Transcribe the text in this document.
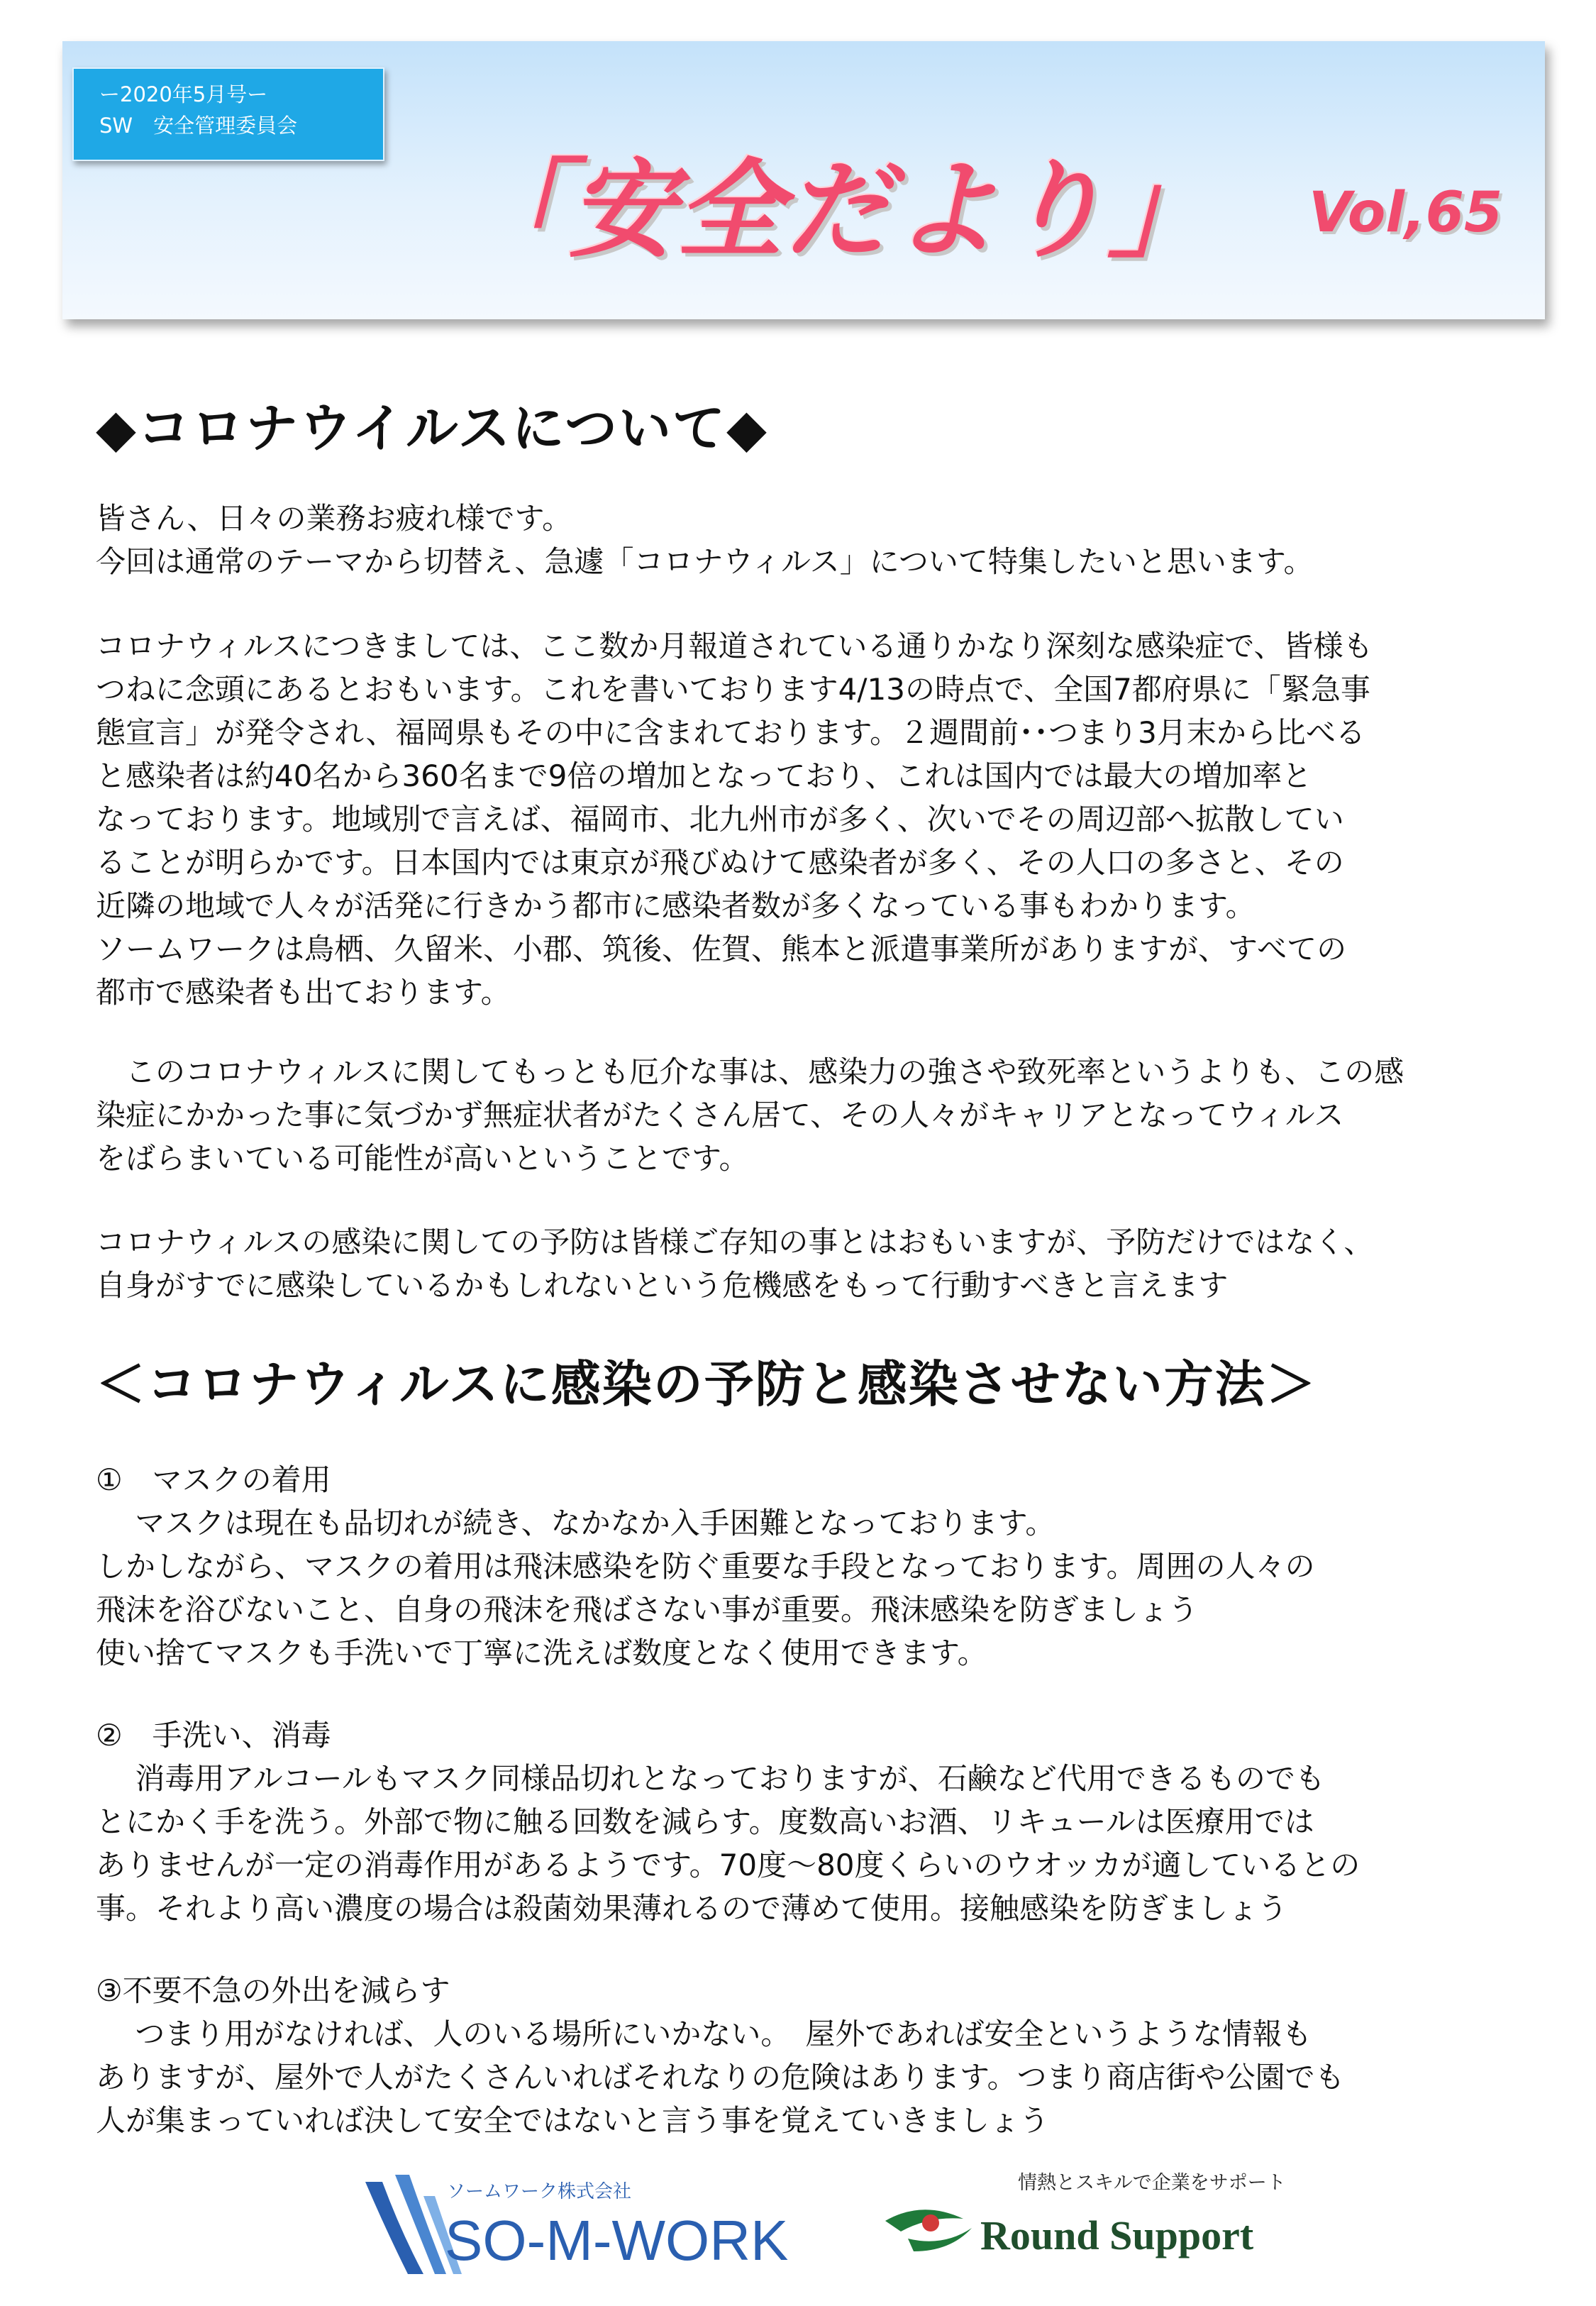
ー2020年5月号ー
SW　安全管理委員会
「安全だより」 Vol,65
◆コロナウイルスについて◆
皆さん、日々の業務お疲れ様です。
今回は通常のテーマから切替え、急遽「コロナウィルス」について特集したいと思います。
コロナウィルスにつきましては、ここ数か月報道されている通りかなり深刻な感染症で、皆様も
つねに念頭にあるとおもいます。これを書いております4/13の時点で、全国7都府県に「緊急事
態宣言」が発令され、福岡県もその中に含まれております。２週間前･･つまり3月末から比べる
と感染者は約40名から360名まで9倍の増加となっており、これは国内では最大の増加率と
なっております。地域別で言えば、福岡市、北九州市が多く、次いでその周辺部へ拡散してい
ることが明らかです。日本国内では東京が飛びぬけて感染者が多く、その人口の多さと、その
近隣の地域で人々が活発に行きかう都市に感染者数が多くなっている事もわかります。
ソームワークは鳥栖、久留米、小郡、筑後、佐賀、熊本と派遣事業所がありますが、すべての
都市で感染者も出ております。
　このコロナウィルスに関してもっとも厄介な事は、感染力の強さや致死率というよりも、この感
染症にかかった事に気づかず無症状者がたくさん居て、その人々がキャリアとなってウィルス
をばらまいている可能性が高いということです。
コロナウィルスの感染に関しての予防は皆様ご存知の事とはおもいますが、予防だけではなく、
自身がすでに感染しているかもしれないという危機感をもって行動すべきと言えます
＜コロナウィルスに感染の予防と感染させない方法＞
①　マスクの着用
　 マスクは現在も品切れが続き、なかなか入手困難となっております。
しかしながら、マスクの着用は飛沫感染を防ぐ重要な手段となっております。周囲の人々の
飛沫を浴びないこと、自身の飛沫を飛ばさない事が重要。飛沫感染を防ぎましょう
使い捨てマスクも手洗いで丁寧に洗えば数度となく使用できます。
②　手洗い、消毒
　 消毒用アルコールもマスク同様品切れとなっておりますが、石鹸など代用できるものでも
とにかく手を洗う。外部で物に触る回数を減らす。度数高いお酒、リキュールは医療用では
ありませんが一定の消毒作用があるようです。70度～80度くらいのウオッカが適しているとの
事。それより高い濃度の場合は殺菌効果薄れるので薄めて使用。接触感染を防ぎましょう
③不要不急の外出を減らす
　 つまり用がなければ、人のいる場所にいかない。　屋外であれば安全というような情報も
ありますが、屋外で人がたくさんいればそれなりの危険はあります。つまり商店街や公園でも
人が集まっていれば決して安全ではないと言う事を覚えていきましょう
ソームワーク株式会社
SO-M-WORK
情熱とスキルで企業をサポート
Round Support
